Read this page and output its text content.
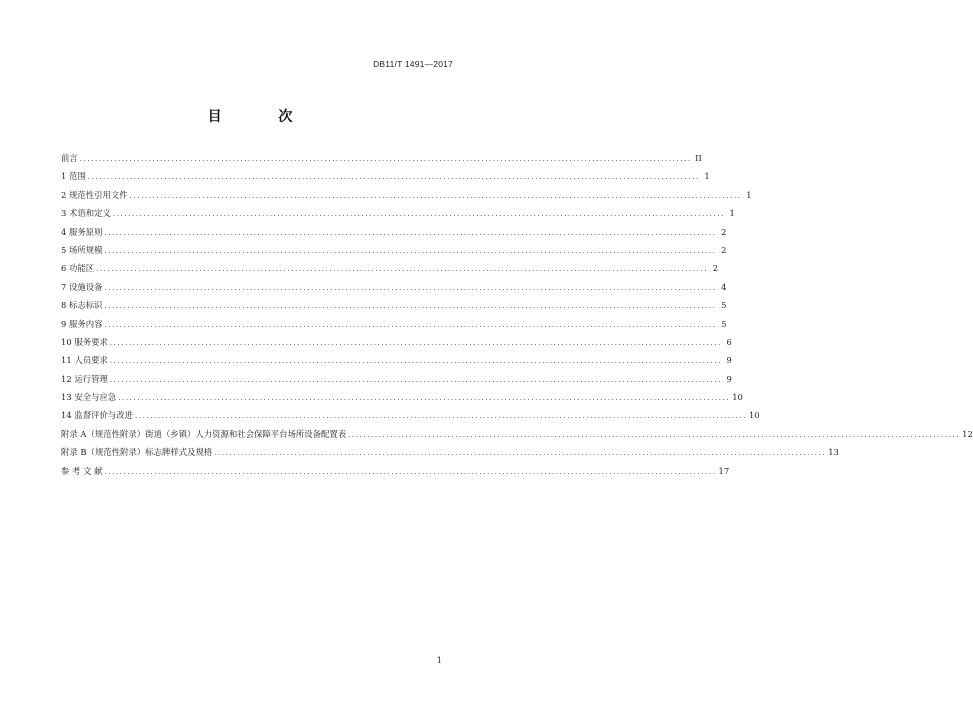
DB11/T 1491—2017
目 次
前言 ................................................................................................................................................................ II
1 范围 ................................................................................................................................................................ 1
2 规范性引用文件 ................................................................................................................................................................ 1
3 术语和定义 ................................................................................................................................................................ 1
4 服务原则 ................................................................................................................................................................ 2
5 场所规模 ................................................................................................................................................................ 2
6 功能区 ................................................................................................................................................................ 2
7 设施设备 ................................................................................................................................................................ 4
8 标志标识 ................................................................................................................................................................ 5
9 服务内容 ................................................................................................................................................................ 5
10 服务要求 ................................................................................................................................................................ 6
11 人员要求 ................................................................................................................................................................ 9
12 运行管理 ................................................................................................................................................................ 9
13 安全与应急 ................................................................................................................................................................ 10
14 监督评价与改进 ................................................................................................................................................................ 10
附录 A（规范性附录）街道（乡镇）人力资源和社会保障平台场所设备配置表 ................................................................................................................................................................ 12
附录 B（规范性附录）标志牌样式及规格 ................................................................................................................................................................ 13
参 考 文 献 ................................................................................................................................................................ 17
1
